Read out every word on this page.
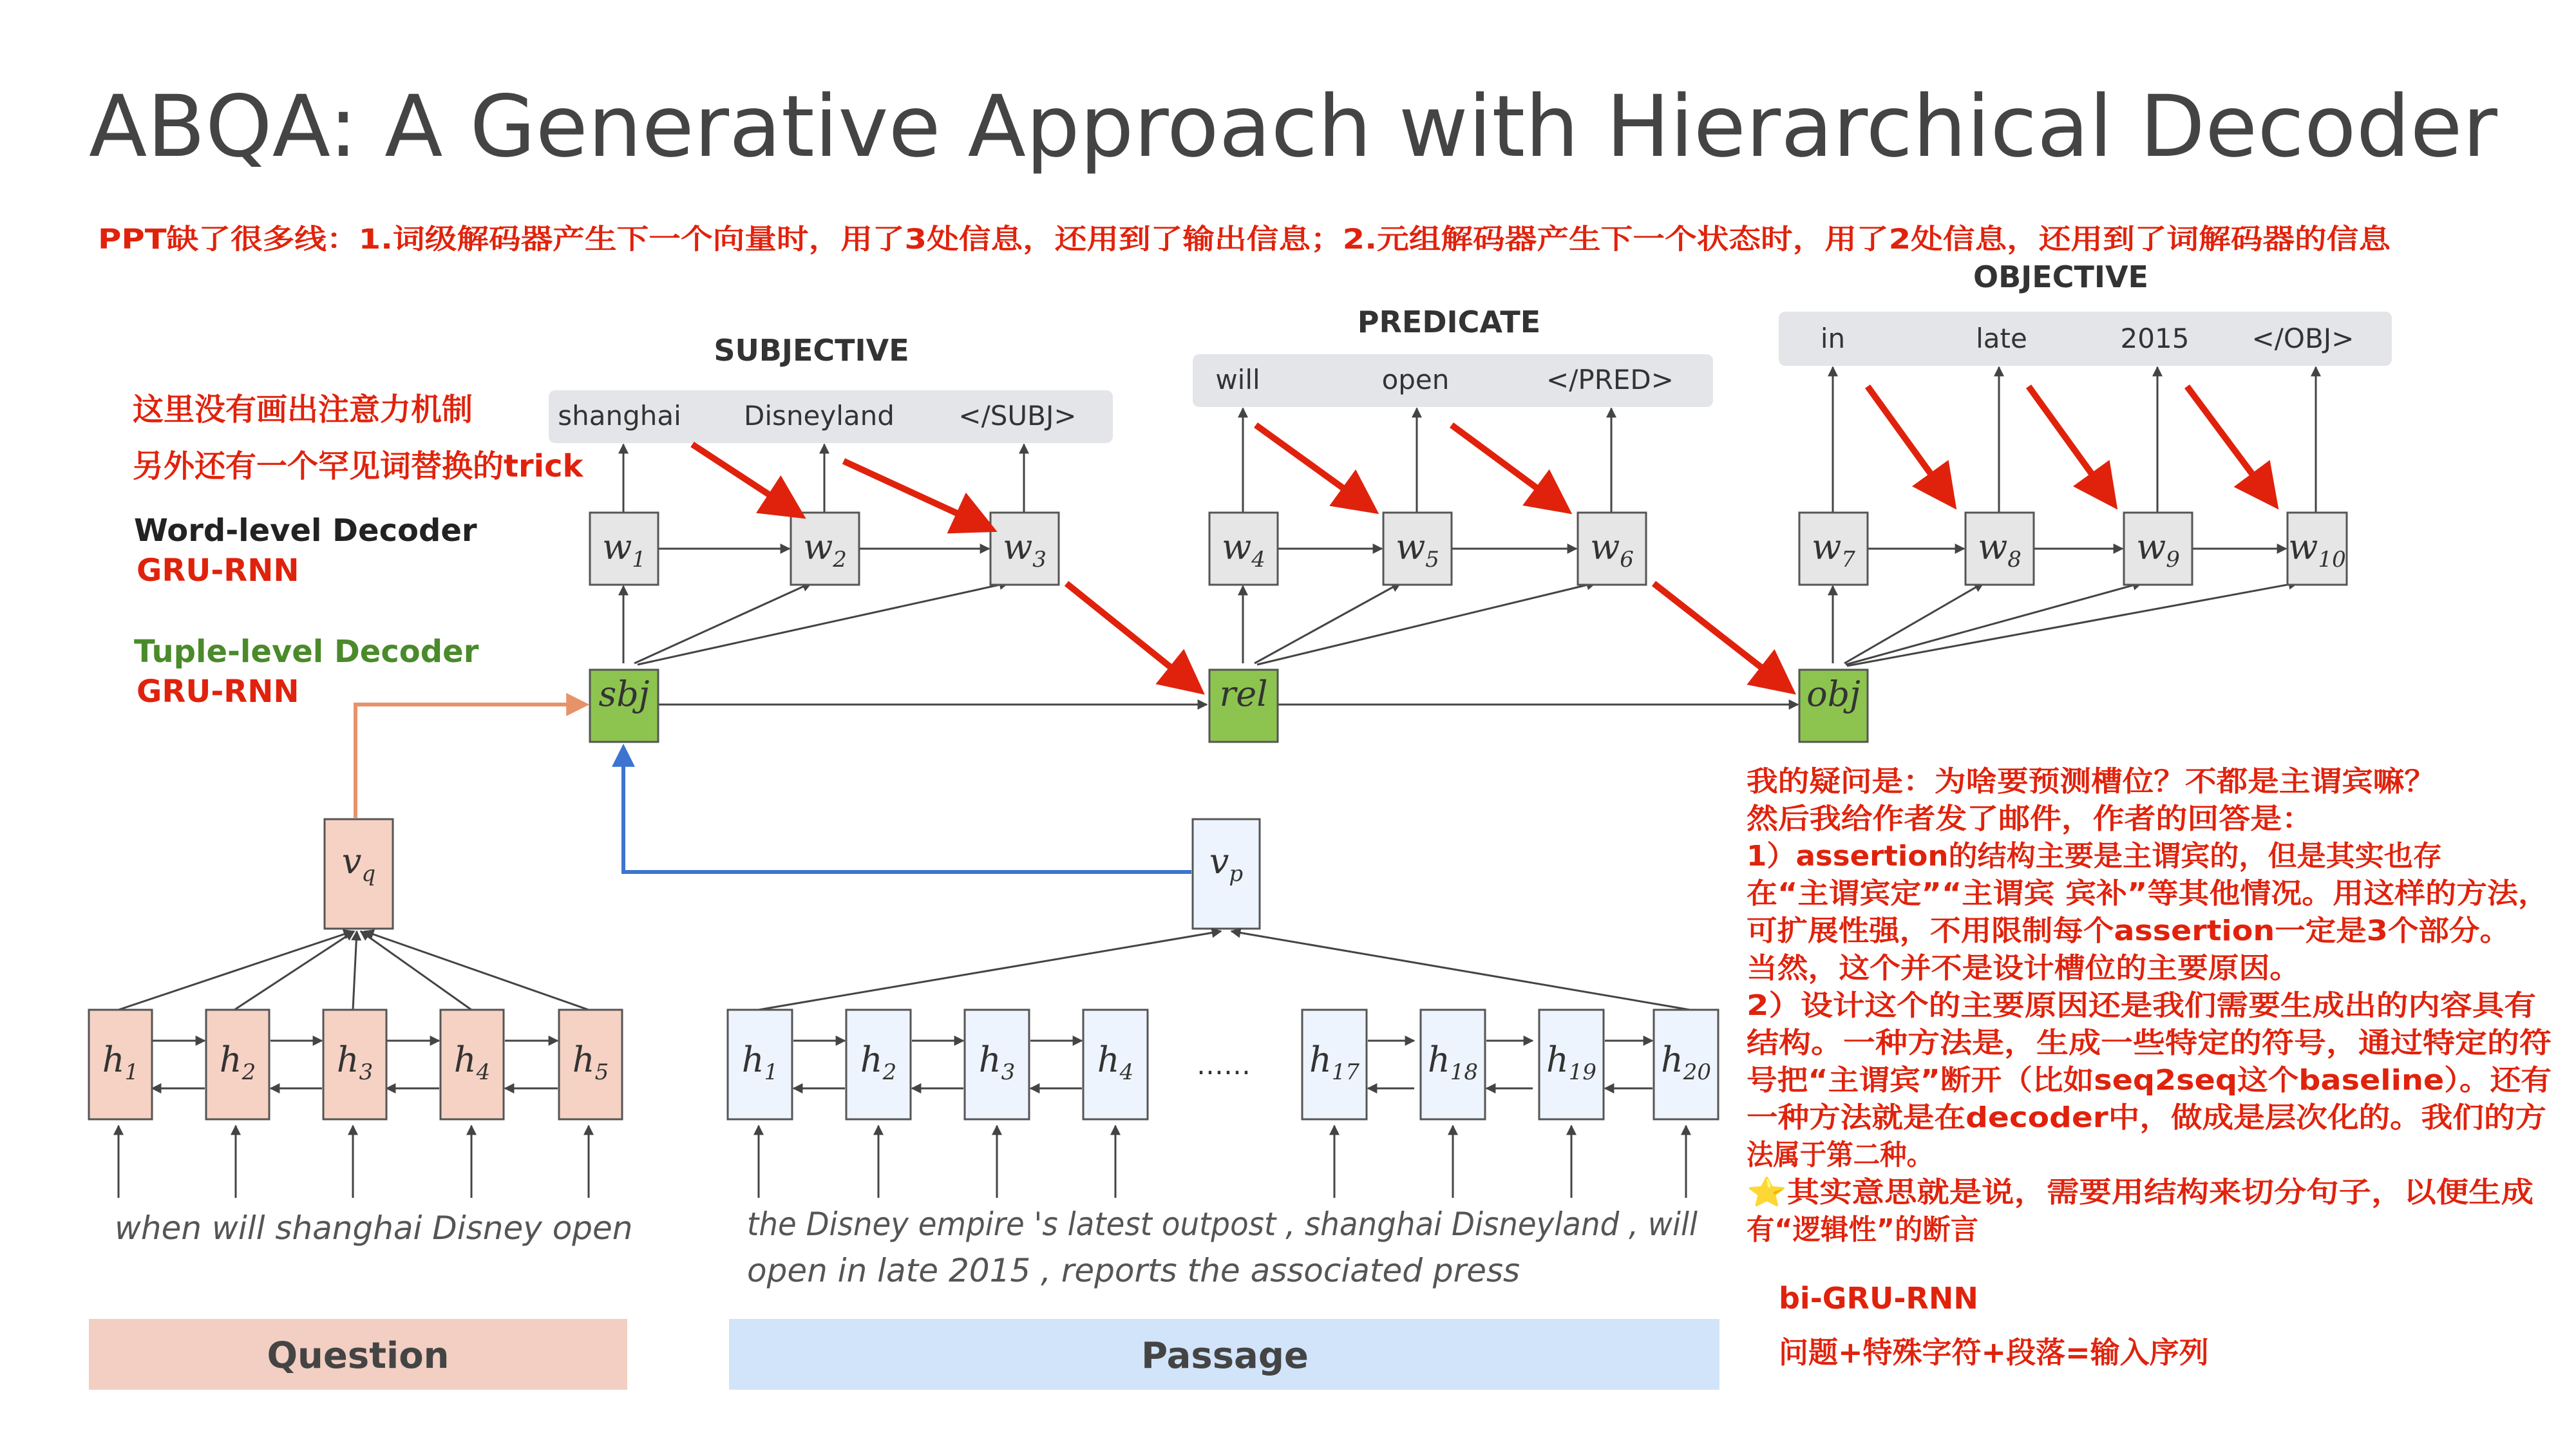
ABQA: A Generative Approach with Hierarchical Decoder
PPT缺了很多线：1.词级解码器产生下一个向量时，用了3处信息，还用到了输出信息；2.元组解码器产生下一个状态时，用了2处信息，还用到了词解码器的信息
这里没有画出注意力机制
另外还有一个罕见词替换的trick
Word-level Decoder
GRU-RNN
Tuple-level Decoder
GRU-RNN
SUBJECTIVE
PREDICATE
OBJECTIVE
shanghai Disneyland </SUBJ>
will	open	</PRED>
in	late	2015 </OBJ>
$w_1$	$w_2$	$w_3$	$w_4$	$w_5$	$w_6$	$w_7$	$w_8$	$w_9$	$w_{10}$
sbj	rel	obj
$v_q$	$v_p$
$h_1$ $h_2$ $h_3$ $h_4$ $h_5$	$h_1$ $h_2$ $h_3$ $h_4$	$h_{17}$ $h_{18}$ $h_{19}$ $h_{20}$
……
when will shanghai Disney open	the Disney empire 's latest outpost , shanghai Disneyland , will
open in late 2015 , reports the associated press
Question	Passage
我的疑问是：为啥要预测槽位？不都是主谓宾嘛？
然后我给作者发了邮件，作者的回答是：
1）assertion的结构主要是主谓宾的，但是其实也存
在“主谓宾定”“主谓宾 宾补”等其他情况。用这样的方法，
可扩展性强，不用限制每个assertion一定是3个部分。
当然，这个并不是设计槽位的主要原因。
2）设计这个的主要原因还是我们需要生成出的内容具有
结构。一种方法是，生成一些特定的符号，通过特定的符
号把“主谓宾”断开（比如seq2seq这个baseline）。还有
一种方法就是在decoder中，做成是层次化的。我们的方
法属于第二种。
⭐其实意思就是说，需要用结构来切分句子，以便生成
有“逻辑性”的断言
bi-GRU-RNN
问题+特殊字符+段落=输入序列
